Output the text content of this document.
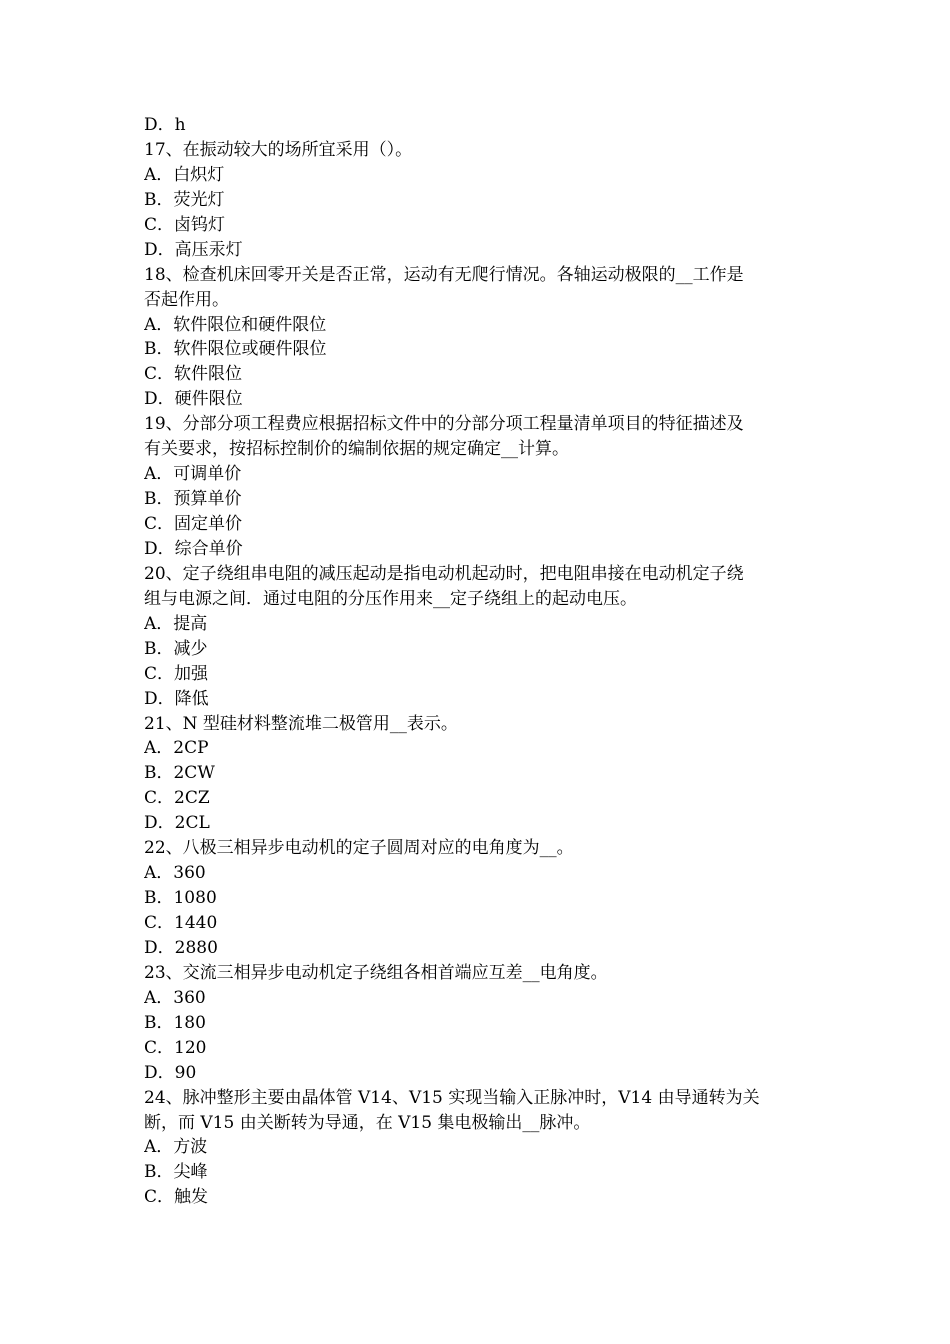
D．h
17、在振动较大的场所宜采用（）。
A．白炽灯
B．荧光灯
C．卤钨灯
D．高压汞灯
18、检查机床回零开关是否正常，运动有无爬行情况。各轴运动极限的__工作是
否起作用。
A．软件限位和硬件限位
B．软件限位或硬件限位
C．软件限位
D．硬件限位
19、分部分项工程费应根据招标文件中的分部分项工程量清单项目的特征描述及
有关要求，按招标控制价的编制依据的规定确定__计算。
A．可调单价
B．预算单价
C．固定单价
D．综合单价
20、定子绕组串电阻的减压起动是指电动机起动时，把电阻串接在电动机定子绕
组与电源之间．通过电阻的分压作用来__定子绕组上的起动电压。
A．提高
B．减少
C．加强
D．降低
21、N 型硅材料整流堆二极管用__表示。
A．2CP
B．2CW
C．2CZ
D．2CL
22、八极三相异步电动机的定子圆周对应的电角度为__。
A．360
B．1080
C．1440
D．2880
23、交流三相异步电动机定子绕组各相首端应互差__电角度。
A．360
B．180
C．120
D．90
24、脉冲整形主要由晶体管 V14、V15 实现当输入正脉冲时，V14 由导通转为关
断，而 V15 由关断转为导通，在 V15 集电极输出__脉冲。
A．方波
B．尖峰
C．触发
